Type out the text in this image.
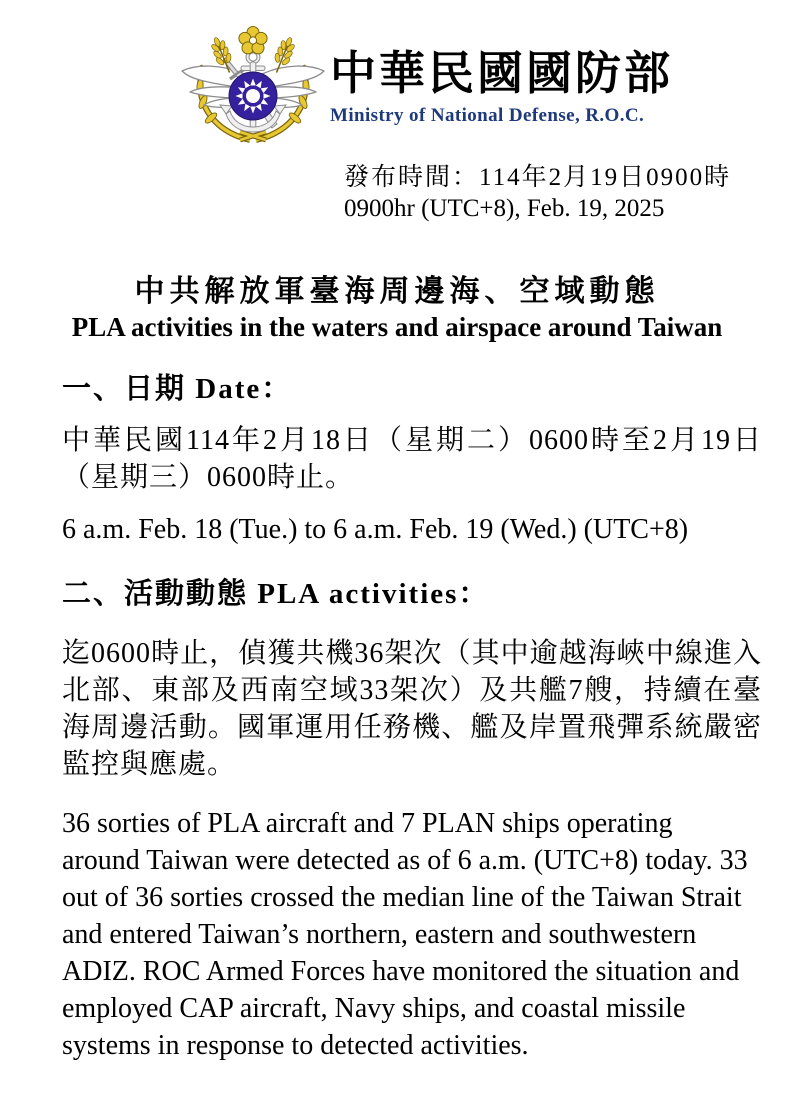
中華民國國防部
Ministry of National Defense, R.O.C.
發布時間：114年2月19日0900時
0900hr (UTC+8), Feb. 19, 2025
中共解放軍臺海周邊海、空域動態
PLA activities in the waters and airspace around Taiwan
一、日期 Date：
中華民國114年2月18日（星期二）0600時至2月19日（星期三）0600時止。
6 a.m. Feb. 18 (Tue.) to 6 a.m. Feb. 19 (Wed.) (UTC+8)
二、活動動態 PLA activities：
迄0600時止，偵獲共機36架次（其中逾越海峽中線進入北部、東部及西南空域33架次）及共艦7艘，持續在臺海周邊活動。國軍運用任務機、艦及岸置飛彈系統嚴密監控與應處。
36 sorties of PLA aircraft and 7 PLAN ships operating around Taiwan were detected as of 6 a.m. (UTC+8) today. 33 out of 36 sorties crossed the median line of the Taiwan Strait and entered Taiwan’s northern, eastern and southwestern ADIZ. ROC Armed Forces have monitored the situation and employed CAP aircraft, Navy ships, and coastal missile systems in response to detected activities.
